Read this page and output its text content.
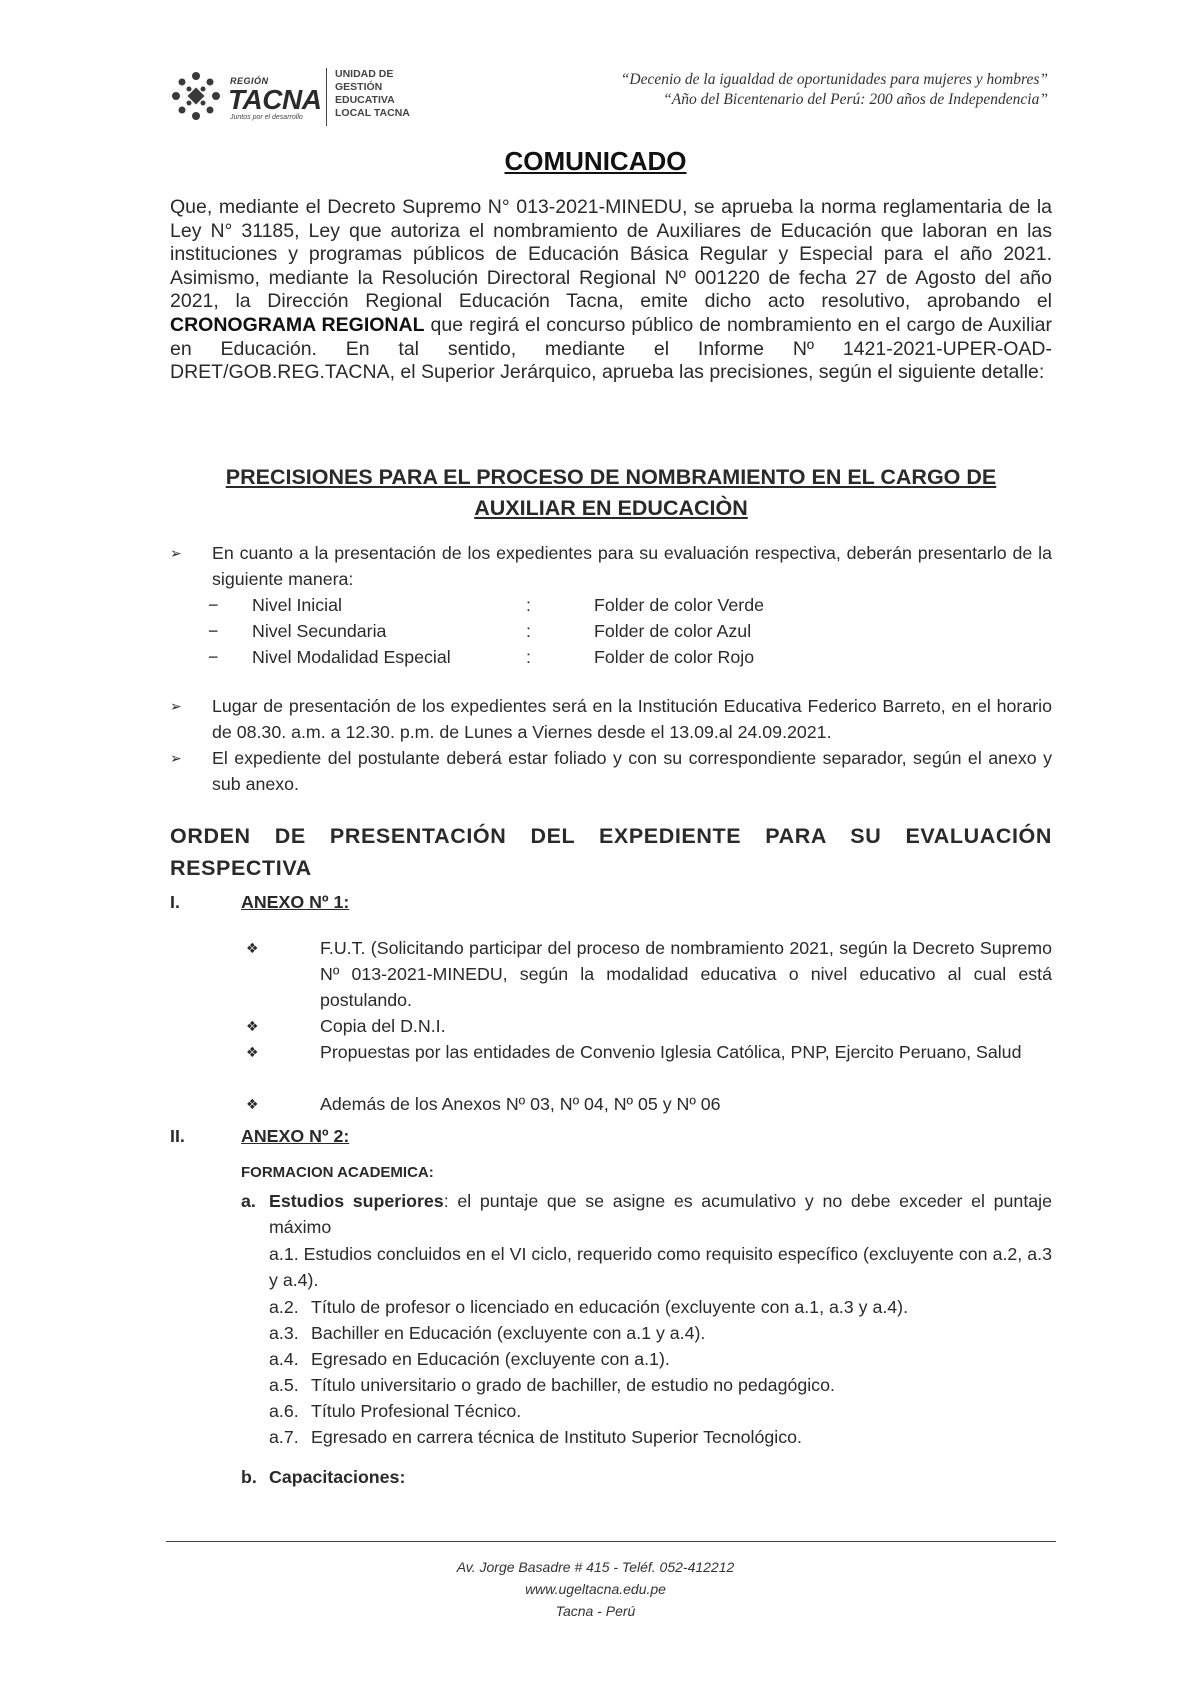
REGIÓN
TACNA
Juntos por el desarrollo
UNIDAD DE
GESTIÓN
EDUCATIVA
LOCAL TACNA
“Decenio de la igualdad de oportunidades para mujeres y hombres”
“Año del Bicentenario del Perú: 200 años de Independencia”
COMUNICADO
Que, mediante el Decreto Supremo N° 013-2021-MINEDU, se aprueba la norma reglamentaria de la Ley N° 31185, Ley que autoriza el nombramiento de Auxiliares de Educación que laboran en las instituciones y programas públicos de Educación Básica Regular y Especial para el año 2021. Asimismo, mediante la Resolución Directoral Regional Nº 001220 de fecha 27 de Agosto del año 2021, la Dirección Regional Educación Tacna, emite dicho acto resolutivo, aprobando el CRONOGRAMA REGIONAL que regirá el concurso público de nombramiento en el cargo de Auxiliar en Educación. En tal sentido, mediante el Informe Nº 1421-2021-UPER-OAD-DRET/GOB.REG.TACNA, el Superior Jerárquico, aprueba las precisiones, según el siguiente detalle:
PRECISIONES PARA EL PROCESO DE NOMBRAMIENTO EN EL CARGO DE
AUXILIAR EN EDUCACIÒN
➢	En cuanto a la presentación de los expedientes para su evaluación respectiva, deberán presentarlo de la siguiente manera:
− Nivel Inicial	:	Folder de color Verde
− Nivel Secundaria	:	Folder de color Azul
− Nivel Modalidad Especial	:	Folder de color Rojo
➢	Lugar de presentación de los expedientes será en la Institución Educativa Federico Barreto, en el horario de 08.30. a.m. a 12.30. p.m. de Lunes a Viernes desde el 13.09.al 24.09.2021.
➢	El expediente del postulante deberá estar foliado y con su correspondiente separador, según el anexo y sub anexo.
ORDEN DE PRESENTACIÓN DEL EXPEDIENTE PARA SU EVALUACIÓN RESPECTIVA
I.	ANEXO Nº 1:
❖	F.U.T. (Solicitando participar del proceso de nombramiento 2021, según la Decreto Supremo Nº 013-2021-MINEDU, según la modalidad educativa o nivel educativo al cual está postulando.
❖	Copia del D.N.I.
❖	Propuestas por las entidades de Convenio Iglesia Católica, PNP, Ejercito Peruano, Salud
❖	Además de los Anexos Nº 03, Nº 04, Nº 05 y Nº 06
II.	ANEXO Nº 2:
FORMACION ACADEMICA:
a. Estudios superiores: el puntaje que se asigne es acumulativo y no debe exceder el puntaje máximo
a.1. Estudios concluidos en el VI ciclo, requerido como requisito específico (excluyente con a.2, a.3 y a.4).
a.2. Título de profesor o licenciado en educación (excluyente con a.1, a.3 y a.4).
a.3. Bachiller en Educación (excluyente con a.1 y a.4).
a.4. Egresado en Educación (excluyente con a.1).
a.5. Título universitario o grado de bachiller, de estudio no pedagógico.
a.6. Título Profesional Técnico.
a.7. Egresado en carrera técnica de Instituto Superior Tecnológico.
b. Capacitaciones:
Av. Jorge Basadre # 415 - Teléf. 052-412212
www.ugeltacna.edu.pe
Tacna - Perú
